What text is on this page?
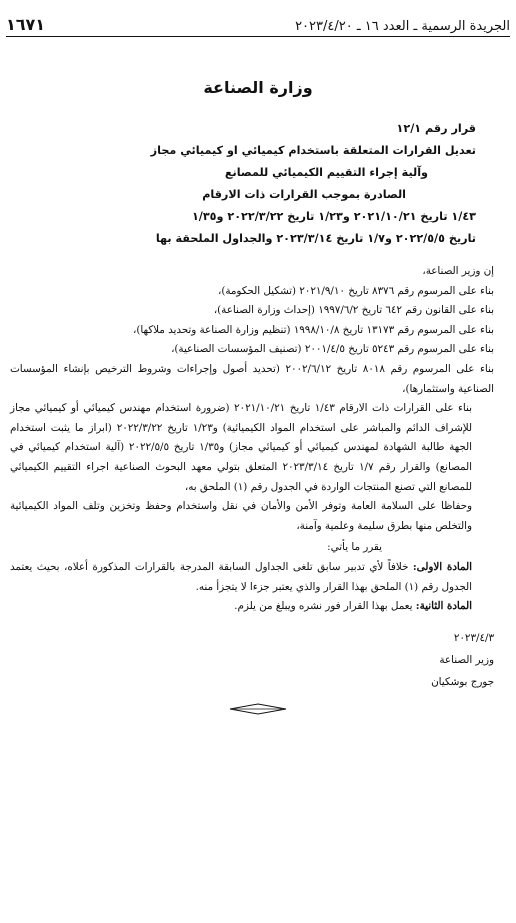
الجريدة الرسمية ـ العدد ١٦ ـ ٢٠٢٣/٤/٢٠
١٦٧١
وزارة الصناعة
قرار رقم ١٢/١
تعديل القرارات المتعلقة باستخدام كيميائي او كيميائي مجاز
وآلية إجراء التقييم الكيميائي للمصانع
الصادرة بموجب القرارات ذات الارقام
١/٤٣ تاريخ ٢٠٢١/١٠/٢١ و١/٢٣ تاريخ ٢٠٢٢/٣/٢٢ و١/٣٥
تاريخ ٢٠٢٢/٥/٥ و١/٧ تاريخ ٢٠٢٣/٣/١٤ والجداول الملحقة بها

إن وزير الصناعة،

بناء على المرسوم رقم ٨٣٧٦ تاريخ ٢٠٢١/٩/١٠ (تشكيل الحكومة)،

بناء على القانون رقم ٦٤٢ تاريخ ١٩٩٧/٦/٢ (إحداث وزارة الصناعة)،

بناء على المرسوم رقم ١٣١٧٣ تاريخ ١٩٩٨/١٠/٨ (تنظيم وزارة الصناعة وتحديد ملاكها)،

بناء على المرسوم رقم ٥٢٤٣ تاريخ ٢٠٠١/٤/٥ (تصنيف المؤسسات الصناعية)،

بناء على المرسوم رقم ٨٠١٨ تاريخ ٢٠٠٢/٦/١٢ (تحديد أصول وإجراءات وشروط الترخيص بإنشاء المؤسسات الصناعية واستثمارها)،

بناء على القرارات ذات الارقام ١/٤٣ تاريخ ٢٠٢١/١٠/٢١ (ضرورة استخدام مهندس كيميائي أو كيميائي مجاز للإشراف الدائم والمباشر على استخدام المواد الكيميائية) و١/٢٣ تاريخ ٢٠٢٢/٣/٢٢ (ابراز ما يثبت استخدام الجهة طالبة الشهادة لمهندس كيميائي أو كيميائي مجاز) و١/٣٥ تاريخ ٢٠٢٢/٥/٥ (آلية استخدام كيميائي في المصانع) والقرار رقم ١/٧ تاريخ ٢٠٢٣/٣/١٤ المتعلق بتولي معهد البحوث الصناعية اجراء التقييم الكيميائي للمصانع التي تصنع المنتجات الواردة في الجدول رقم (١) الملحق به،

وحفاظا على السلامة العامة وتوفر الأمن والأمان في نقل واستخدام وحفظ وتخزين وتلف المواد الكيميائية والتخلص منها بطرق سليمة وعلمية وآمنة،

يقرر ما يأتي:

المادة الاولى: خلافاً لأي تدبير سابق تلغى الجداول السابقة المدرجة بالقرارات المذكورة أعلاه، بحيث يعتمد الجدول رقم (١) الملحق بهذا القرار والذي يعتبر جزءا لا يتجزأ منه.

المادة الثانية: يعمل بهذا القرار فور نشره ويبلغ من يلزم.

٢٠٢٣/٤/٣
وزير الصناعة
جورج بوشكيان
